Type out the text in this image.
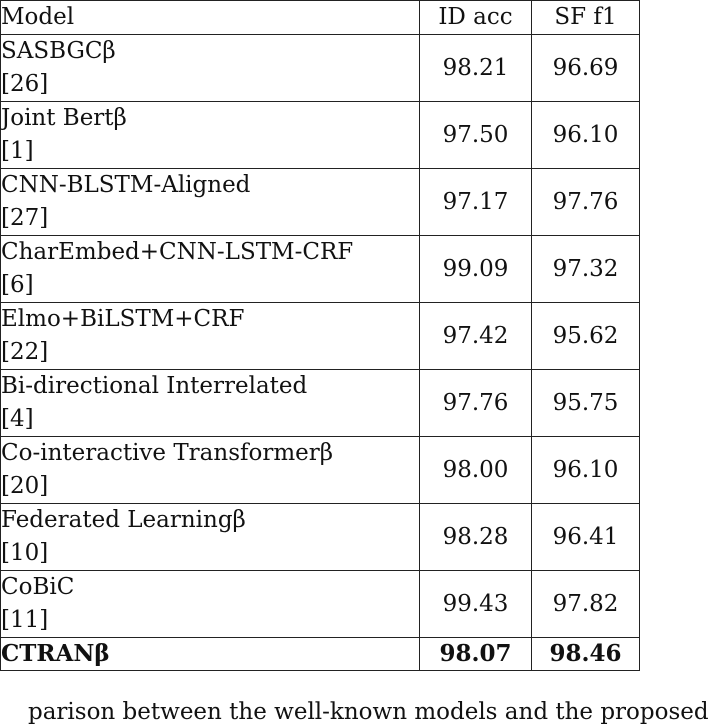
Model	ID acc	SF f1

SASBGCβ
[26]	98.21	96.69

Joint Bertβ
[1]	97.50	96.10

CNN-BLSTM-Aligned
[27]	97.17	97.76

CharEmbed+CNN-LSTM-CRF
[6]	99.09	97.32

Elmo+BiLSTM+CRF
[22]	97.42	95.62

Bi-directional Interrelated
[4]	97.76	95.75

Co-interactive Transformerβ
[20]	98.00	96.10

Federated Learningβ
[10]	98.28	96.41

CoBiC
[11]	99.43	97.82
CTRANβ	98.07	98.46
parison between the well-known models and the proposed
